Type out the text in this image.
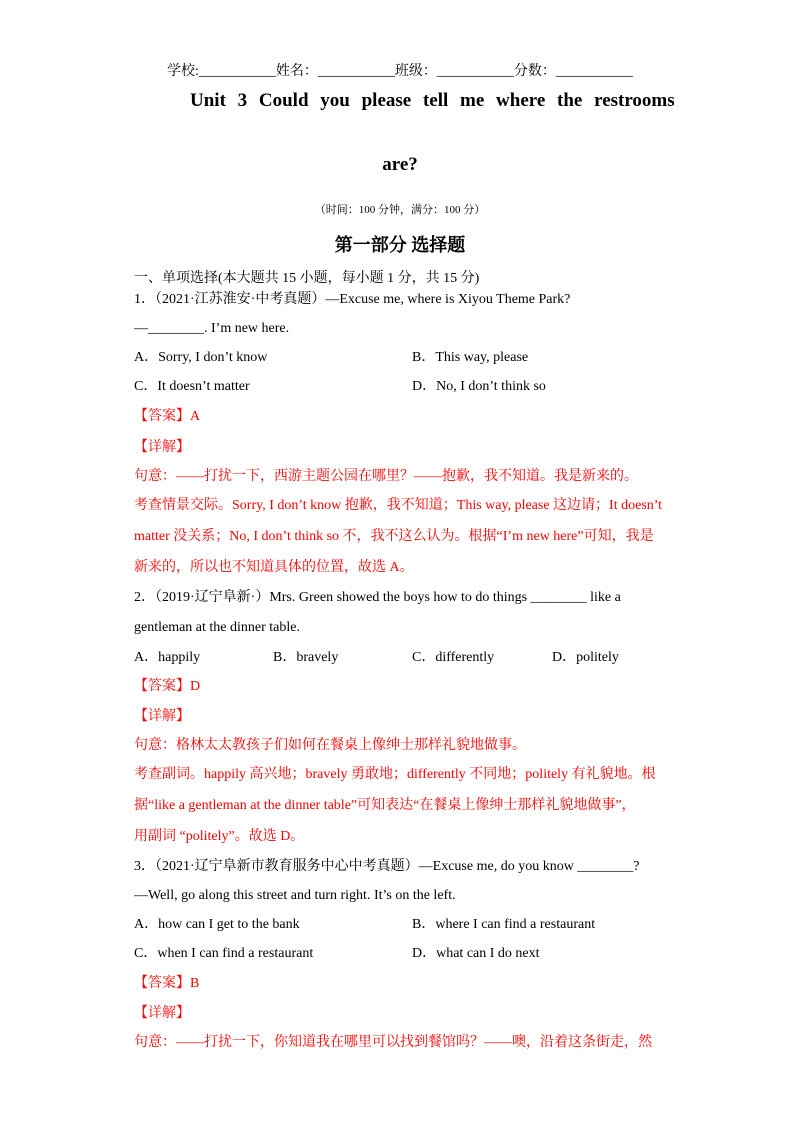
学校:___________姓名：___________班级：___________分数：___________
Unit 3 Could you please tell me where the restrooms
are?
（时间：100 分钟，满分：100 分）
第一部分 选择题
一、单项选择(本大题共 15 小题，每小题 1 分，共 15 分)
1．（2021·江苏淮安·中考真题）—Excuse me, where is Xiyou Theme Park?
—________. I’m new here.
A．Sorry, I don’t know	B．This way, please
C．It doesn’t matter	D．No, I don’t think so
【答案】A
【详解】
句意：——打扰一下，西游主题公园在哪里？——抱歉，我不知道。我是新来的。
考查情景交际。Sorry, I don’t know 抱歉，我不知道；This way, please 这边请；It doesn’t
matter 没关系；No, I don’t think so 不，我不这么认为。根据“I’m new here”可知，我是
新来的，所以也不知道具体的位置，故选 A。
2．（2019·辽宁阜新·）Mrs. Green showed the boys how to do things ________ like a
gentleman at the dinner table.
A．happily	B．bravely	C．differently	D．politely
【答案】D
【详解】
句意：格林太太教孩子们如何在餐桌上像绅士那样礼貌地做事。
考查副词。happily 高兴地；bravely 勇敢地；differently 不同地；politely 有礼貌地。根
据“like a gentleman at the dinner table”可知表达“在餐桌上像绅士那样礼貌地做事”，
用副词 “politely”。故选 D。
3．（2021·辽宁阜新市教育服务中心中考真题）—Excuse me, do you know ________?
—Well, go along this street and turn right. It’s on the left.
A．how can I get to the bank	B．where I can find a restaurant
C．when I can find a restaurant	D．what can I do next
【答案】B
【详解】
句意：——打扰一下，你知道我在哪里可以找到餐馆吗？——噢，沿着这条街走，然
